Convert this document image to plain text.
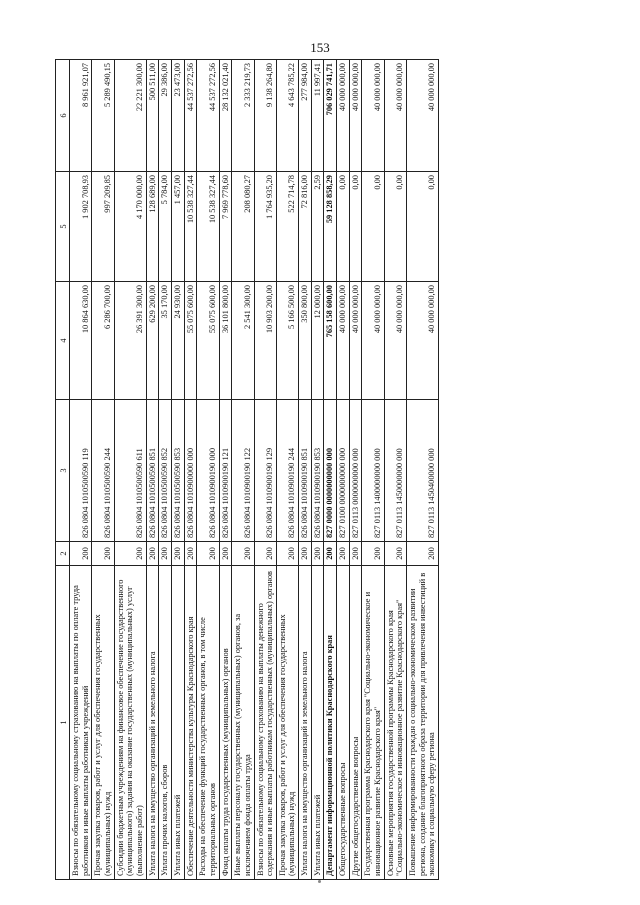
153
1	2	3	4	5	6
Взносы по обязательному социальному страхованию на выплаты по оплате труда работников и иные выплаты работникам учреждений	200	826 0804 1010500590 119	10 864 630,00	1 902 708,93	8 961 921,07
Прочая закупка товаров, работ и услуг для обеспечения государственных (муниципальных) нужд	200	826 0804 1010500590 244	6 286 700,00	997 209,85	5 289 490,15
Субсидии бюджетным учреждениям на финансовое обеспечение государственного (муниципального) задания на оказание государственных (муниципальных) услуг (выполнение работ)	200	826 0804 1010500590 611	26 391 300,00	4 170 000,00	22 221 300,00
Уплата налога на имущество организаций и земельного налога	200	826 0804 1010500590 851	629 200,00	128 689,00	500 511,00
Уплата прочих налогов, сборов	200	826 0804 1010500590 852	35 170,00	5 784,00	29 386,00
Уплата иных платежей	200	826 0804 1010500590 853	24 930,00	1 457,00	23 473,00
Обеспечение деятельности министерства культуры Краснодарского края	200	826 0804 1010900000 000	55 075 600,00	10 538 327,44	44 537 272,56
Расходы на обеспечение функций государственных органов, в том числе территориальных органов	200	826 0804 1010900190 000	55 075 600,00	10 538 327,44	44 537 272,56
Фонд оплаты труда государственных (муниципальных) органов	200	826 0804 1010900190 121	36 101 800,00	7 969 778,60	28 132 021,40
Иные выплаты персоналу государственных (муниципальных) органов, за исключением фонда оплаты труда	200	826 0804 1010900190 122	2 541 300,00	208 080,27	2 333 219,73
Взносы по обязательному социальному страхованию на выплаты денежного содержания и иные выплаты работникам государственных (муниципальных) органов	200	826 0804 1010900190 129	10 903 200,00	1 764 935,20	9 138 264,80
Прочая закупка товаров, работ и услуг для обеспечения государственных (муниципальных) нужд	200	826 0804 1010900190 244	5 166 500,00	522 714,78	4 643 785,22
Уплата налога на имущество организаций и земельного налога	200	826 0804 1010900190 851	350 800,00	72 816,00	277 984,00
Уплата иных платежей	200	826 0804 1010900190 853	12 000,00	2,59	11 997,41
Департамент информационной политики Краснодарского края	200	827 0000 0000000000 000	765 158 600,00	59 128 858,29	706 029 741,71
Общегосударственные вопросы	200	827 0100 0000000000 000	40 000 000,00	0,00	40 000 000,00
Другие общегосударственные вопросы	200	827 0113 0000000000 000	40 000 000,00	0,00	40 000 000,00
Государственная программа Краснодарского края "Социально-экономическое и инновационное развитие Краснодарского края"	200	827 0113 1400000000 000	40 000 000,00	0,00	40 000 000,00
Основные мероприятия государственной программы Краснодарского края "Социально-экономическое и инновационное развитие Краснодарского края"	200	827 0113 1450000000 000	40 000 000,00	0,00	40 000 000,00
Повышение информированности граждан о социально-экономическом развитии региона, создание благоприятного образа территории для привлечения инвестиций в экономику и социальную сферу региона	200	827 0113 1450400000 000	40 000 000,00	0,00	40 000 000,00
